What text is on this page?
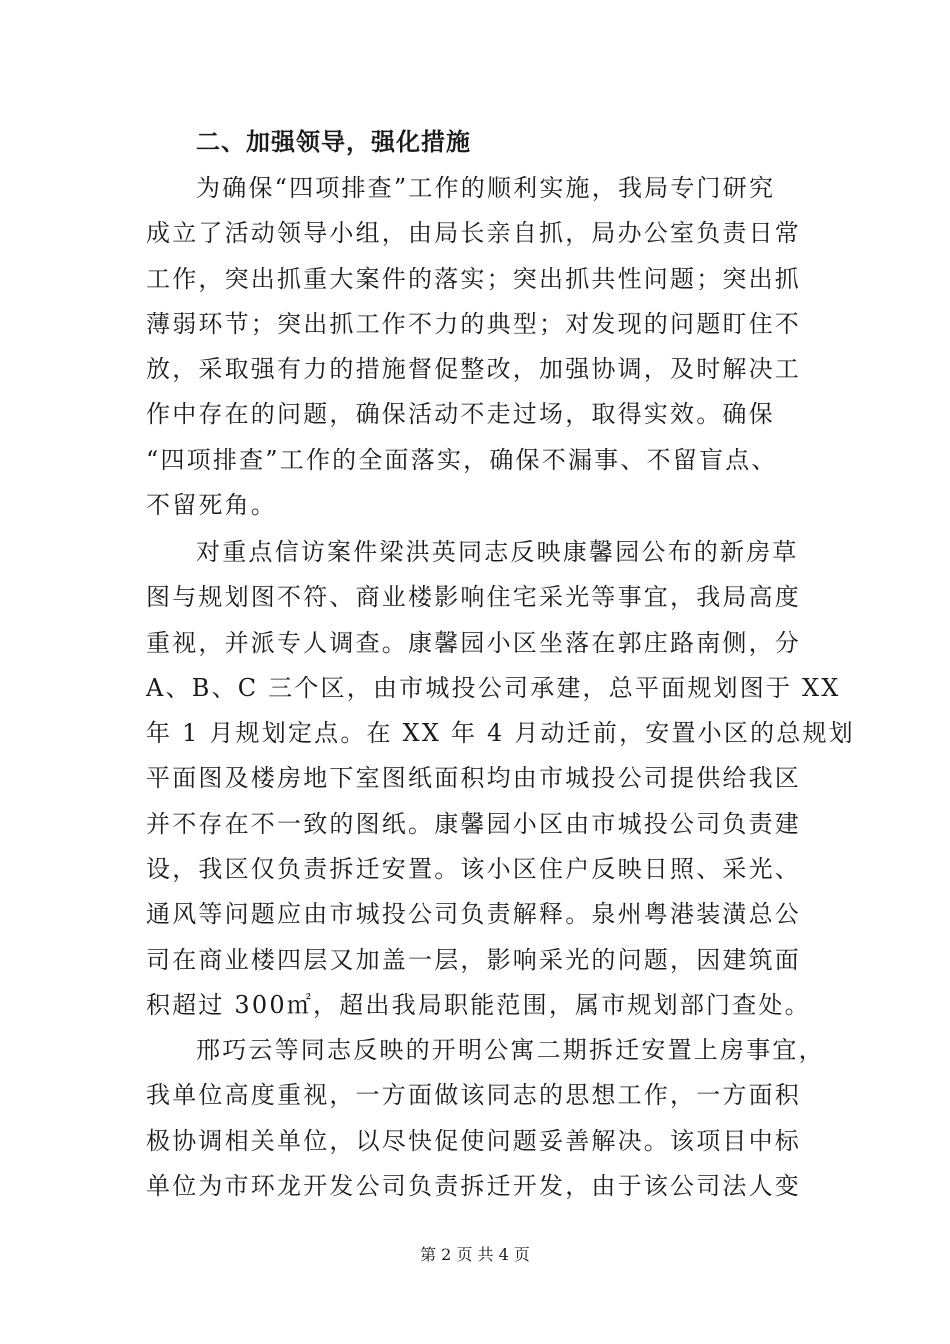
二、加强领导，强化措施
为确保“四项排查”工作的顺利实施，我局专门研究
成立了活动领导小组，由局长亲自抓，局办公室负责日常
工作，突出抓重大案件的落实；突出抓共性问题；突出抓
薄弱环节；突出抓工作不力的典型；对发现的问题盯住不
放，采取强有力的措施督促整改，加强协调，及时解决工
作中存在的问题，确保活动不走过场，取得实效。确保
“四项排查”工作的全面落实，确保不漏事、不留盲点、
不留死角。
对重点信访案件梁洪英同志反映康馨园公布的新房草
图与规划图不符、商业楼影响住宅采光等事宜，我局高度
重视，并派专人调查。康馨园小区坐落在郭庄路南侧，分
A、B、C 三个区，由市城投公司承建，总平面规划图于 XX
年 1 月规划定点。在 XX 年 4 月动迁前，安置小区的总规划
平面图及楼房地下室图纸面积均由市城投公司提供给我区
并不存在不一致的图纸。康馨园小区由市城投公司负责建
设，我区仅负责拆迁安置。该小区住户反映日照、采光、
通风等问题应由市城投公司负责解释。泉州粤港装潢总公
司在商业楼四层又加盖一层，影响采光的问题，因建筑面
积超过 300㎡，超出我局职能范围，属市规划部门查处。
邢巧云等同志反映的开明公寓二期拆迁安置上房事宜，
我单位高度重视，一方面做该同志的思想工作，一方面积
极协调相关单位，以尽快促使问题妥善解决。该项目中标
单位为市环龙开发公司负责拆迁开发，由于该公司法人变
第 2 页 共 4 页
